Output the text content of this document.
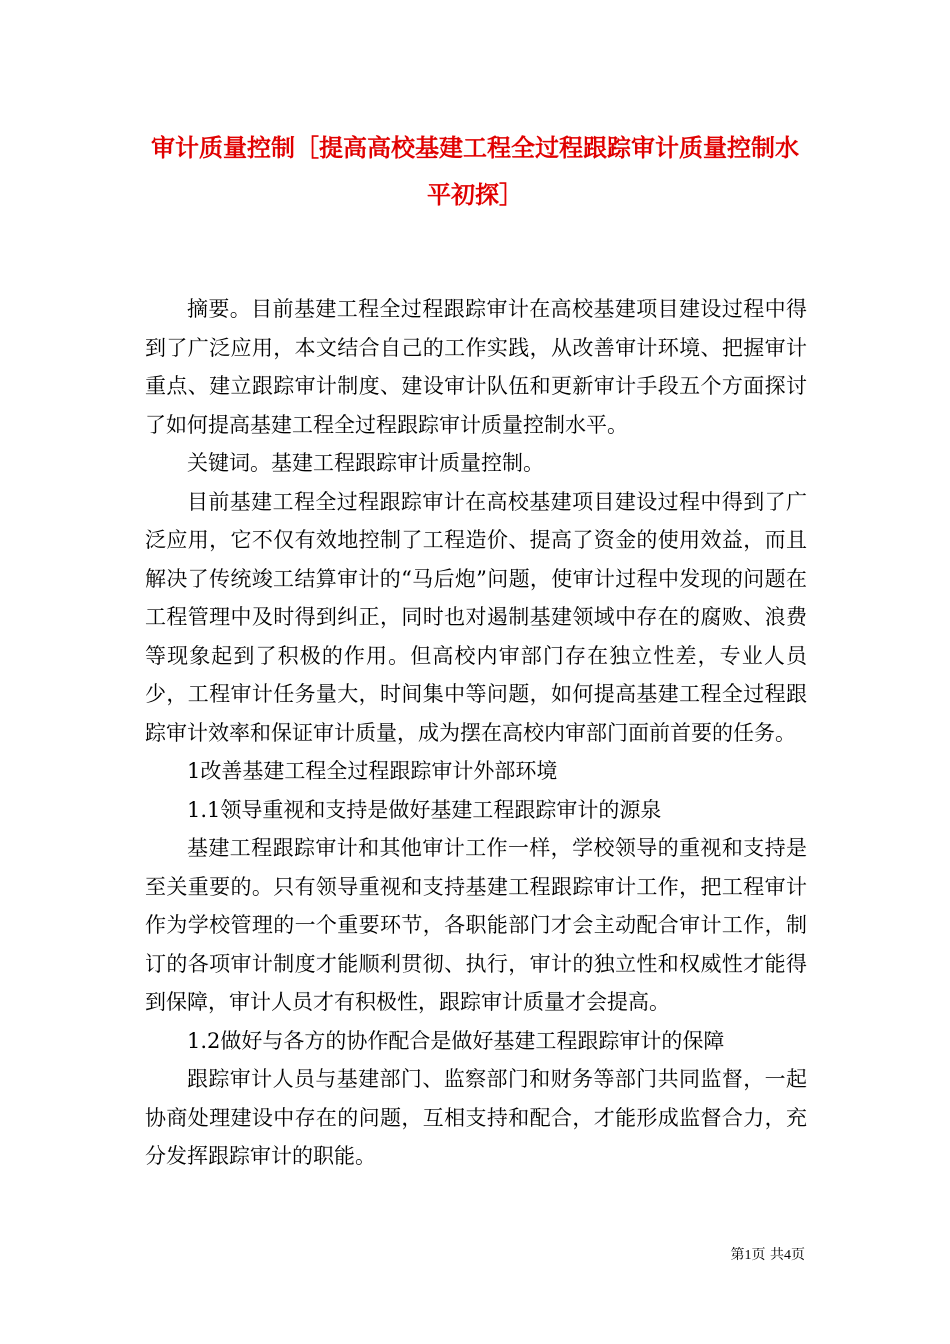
审计质量控制［提高高校基建工程全过程跟踪审计质量控制水平初探］

摘要。目前基建工程全过程跟踪审计在高校基建项目建设过程中得到了广泛应用，本文结合自己的工作实践，从改善审计环境、把握审计重点、建立跟踪审计制度、建设审计队伍和更新审计手段五个方面探讨了如何提高基建工程全过程跟踪审计质量控制水平。

关键词。基建工程跟踪审计质量控制。

目前基建工程全过程跟踪审计在高校基建项目建设过程中得到了广泛应用，它不仅有效地控制了工程造价、提高了资金的使用效益，而且解决了传统竣工结算审计的“马后炮”问题，使审计过程中发现的问题在工程管理中及时得到纠正，同时也对遏制基建领域中存在的腐败、浪费等现象起到了积极的作用。但高校内审部门存在独立性差，专业人员少，工程审计任务量大，时间集中等问题，如何提高基建工程全过程跟踪审计效率和保证审计质量，成为摆在高校内审部门面前首要的任务。

1改善基建工程全过程跟踪审计外部环境

1.1领导重视和支持是做好基建工程跟踪审计的源泉

基建工程跟踪审计和其他审计工作一样，学校领导的重视和支持是至关重要的。只有领导重视和支持基建工程跟踪审计工作，把工程审计作为学校管理的一个重要环节，各职能部门才会主动配合审计工作，制订的各项审计制度才能顺利贯彻、执行，审计的独立性和权威性才能得到保障，审计人员才有积极性，跟踪审计质量才会提高。

1.2做好与各方的协作配合是做好基建工程跟踪审计的保障

跟踪审计人员与基建部门、监察部门和财务等部门共同监督，一起协商处理建设中存在的问题，互相支持和配合，才能形成监督合力，充分发挥跟踪审计的职能。

第1页 共4页
